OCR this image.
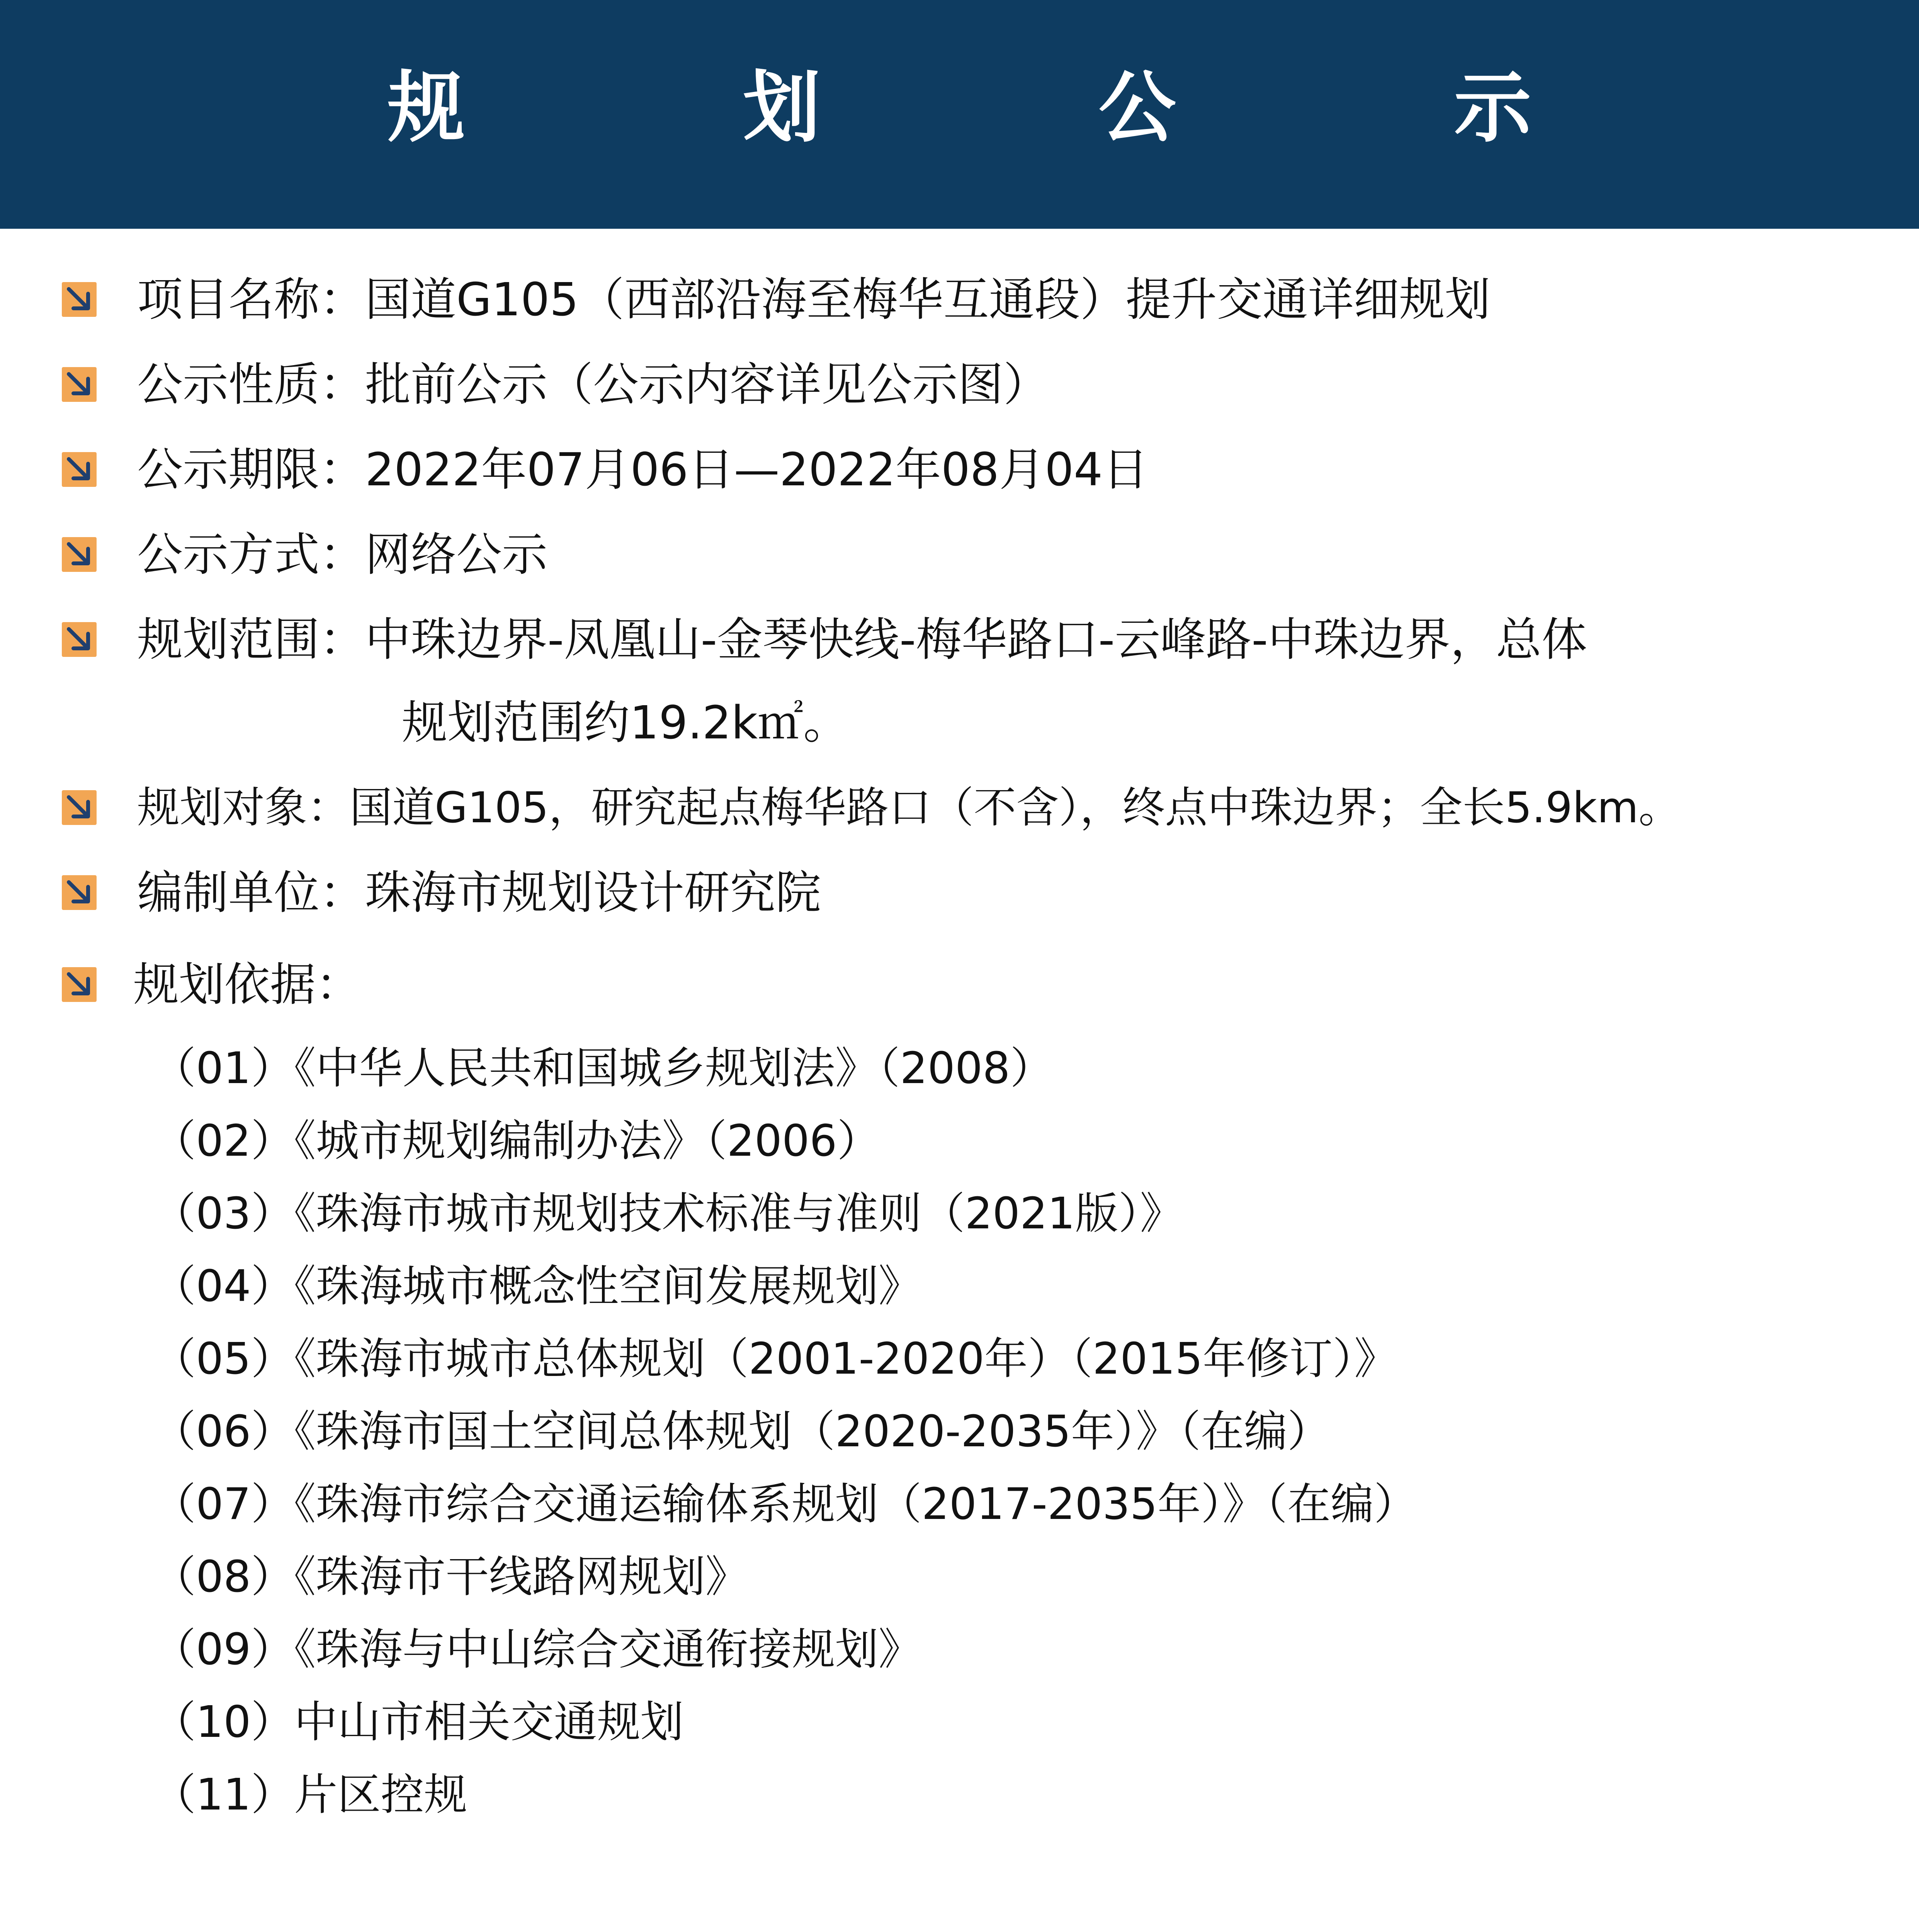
规　划　公　示
项目名称：国道G105（西部沿海至梅华互通段）提升交通详细规划
公示性质：批前公示（公示内容详见公示图）
公示期限：2022年07月06日—2022年08月04日
公示方式：网络公示
规划范围：中珠边界-凤凰山-金琴快线-梅华路口-云峰路-中珠边界，总体
规划范围约19.2k㎡。
规划对象：国道G105，研究起点梅华路口（不含），终点中珠边界；全长5.9km。
编制单位：珠海市规划设计研究院
规划依据：
（01）《中华人民共和国城乡规划法》（2008）
（02）《城市规划编制办法》（2006）
（03）《珠海市城市规划技术标准与准则（2021版）》
（04）《珠海城市概念性空间发展规划》
（05）《珠海市城市总体规划（2001-2020年）（2015年修订）》
（06）《珠海市国土空间总体规划（2020-2035年）》（在编）
（07）《珠海市综合交通运输体系规划（2017-2035年）》（在编）
（08）《珠海市干线路网规划》
（09）《珠海与中山综合交通衔接规划》
（10）中山市相关交通规划
（11）片区控规
